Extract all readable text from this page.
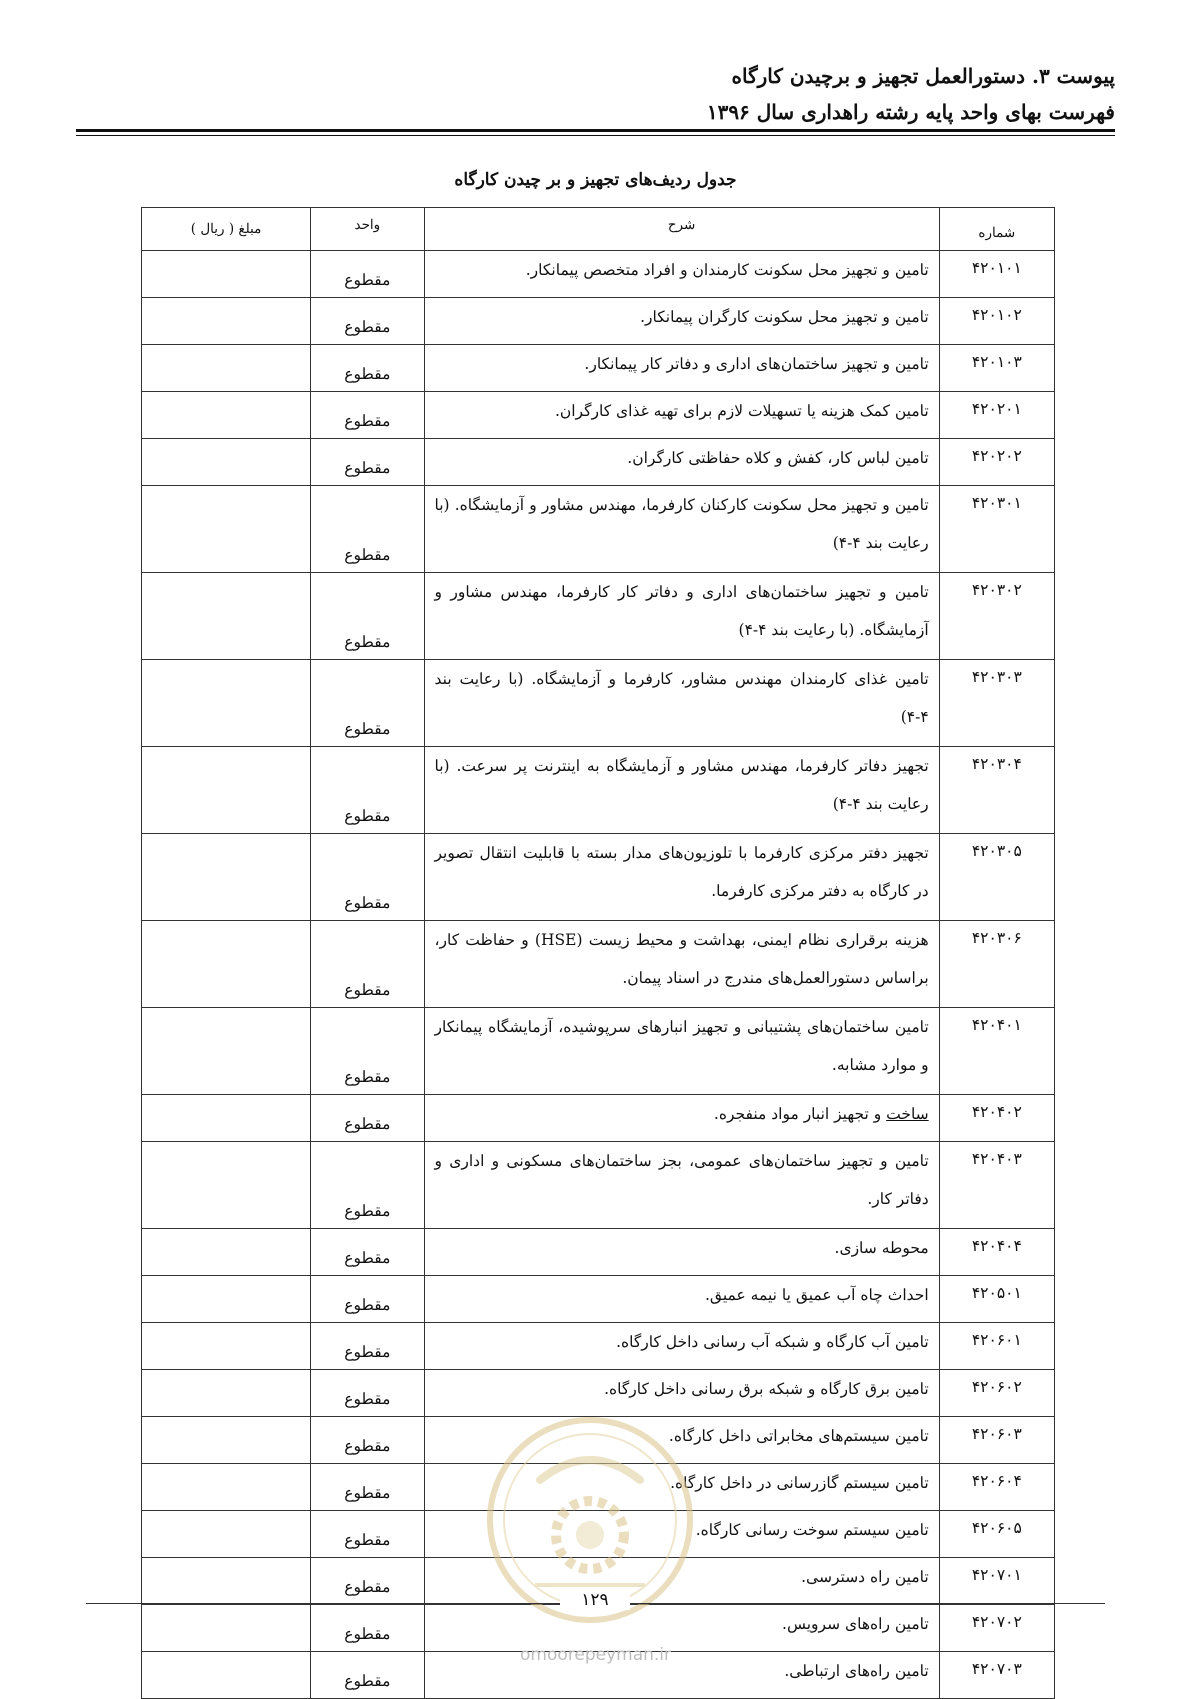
پیوست ۳. دستورالعمل تجهیز و برچیدن کارگاه
فهرست بهای واحد پایه رشته راهداری سال ۱۳۹۶
جدول ردیف‌های تجهیز و بر چیدن کارگاه
شماره	شرح	واحد	مبلغ ( ریال )
۴۲۰۱۰۱	تامین و تجهیز محل سکونت کارمندان و افراد متخصص پیمانکار.	مقطوع	
۴۲۰۱۰۲	تامین و تجهیز محل سکونت کارگران پیمانکار.	مقطوع	
۴۲۰۱۰۳	تامین و تجهیز ساختمان‌های اداری و دفاتر کار پیمانکار.	مقطوع	
۴۲۰۲۰۱	تامین کمک هزینه یا تسهیلات لازم برای تهیه غذای کارگران.	مقطوع	
۴۲۰۲۰۲	تامین لباس کار، کفش و کلاه حفاظتی کارگران.	مقطوع	
۴۲۰۳۰۱	تامین و تجهیز محل سکونت کارکنان کارفرما، مهندس مشاور و آزمایشگاه. (با رعایت بند ۴-۴)	مقطوع	
۴۲۰۳۰۲	تامین و تجهیز ساختمان‌های اداری و دفاتر کار کارفرما، مهندس مشاور و آزمایشگاه. (با رعایت بند ۴-۴)	مقطوع	
۴۲۰۳۰۳	تامین غذای کارمندان مهندس مشاور، کارفرما و آزمایشگاه. (با رعایت بند ۴-۴)	مقطوع	
۴۲۰۳۰۴	تجهیز دفاتر کارفرما، مهندس مشاور و آزمایشگاه به اینترنت پر سرعت. (با رعایت بند ۴-۴)	مقطوع	
۴۲۰۳۰۵	تجهیز دفتر مرکزی کارفرما با تلوزیون‌های مدار بسته با قابلیت انتقال تصویر در کارگاه به دفتر مرکزی کارفرما.	مقطوع	
۴۲۰۳۰۶	هزینه برقراری نظام ایمنی، بهداشت و محیط زیست (HSE) و حفاظت کار، براساس دستورالعمل‌های مندرج در اسناد پیمان.	مقطوع	
۴۲۰۴۰۱	تامین ساختمان‌های پشتیبانی و تجهیز انبارهای سرپوشیده، آزمایشگاه پیمانکار و موارد مشابه.	مقطوع	
۴۲۰۴۰۲	ساخت و تجهیز انبار مواد منفجره.	مقطوع	
۴۲۰۴۰۳	تامین و تجهیز ساختمان‌های عمومی، بجز ساختمان‌های مسکونی و اداری و دفاتر کار.	مقطوع	
۴۲۰۴۰۴	محوطه سازی.	مقطوع	
۴۲۰۵۰۱	احداث چاه آب عمیق یا نیمه عمیق.	مقطوع	
۴۲۰۶۰۱	تامین آب کارگاه و شبکه آب رسانی داخل کارگاه.	مقطوع	
۴۲۰۶۰۲	تامین برق کارگاه و شبکه برق رسانی داخل کارگاه.	مقطوع	
۴۲۰۶۰۳	تامین سیستم‌های مخابراتی داخل کارگاه.	مقطوع	
۴۲۰۶۰۴	تامین سیستم گازرسانی در داخل کارگاه.	مقطوع	
۴۲۰۶۰۵	تامین سیستم سوخت رسانی کارگاه.	مقطوع	
۴۲۰۷۰۱	تامین راه دسترسی.	مقطوع	
۴۲۰۷۰۲	تامین راه‌های سرویس.	مقطوع	
۴۲۰۷۰۳	تامین راه‌های ارتباطی.	مقطوع	
۱۲۹
omoorepeyman.ir
